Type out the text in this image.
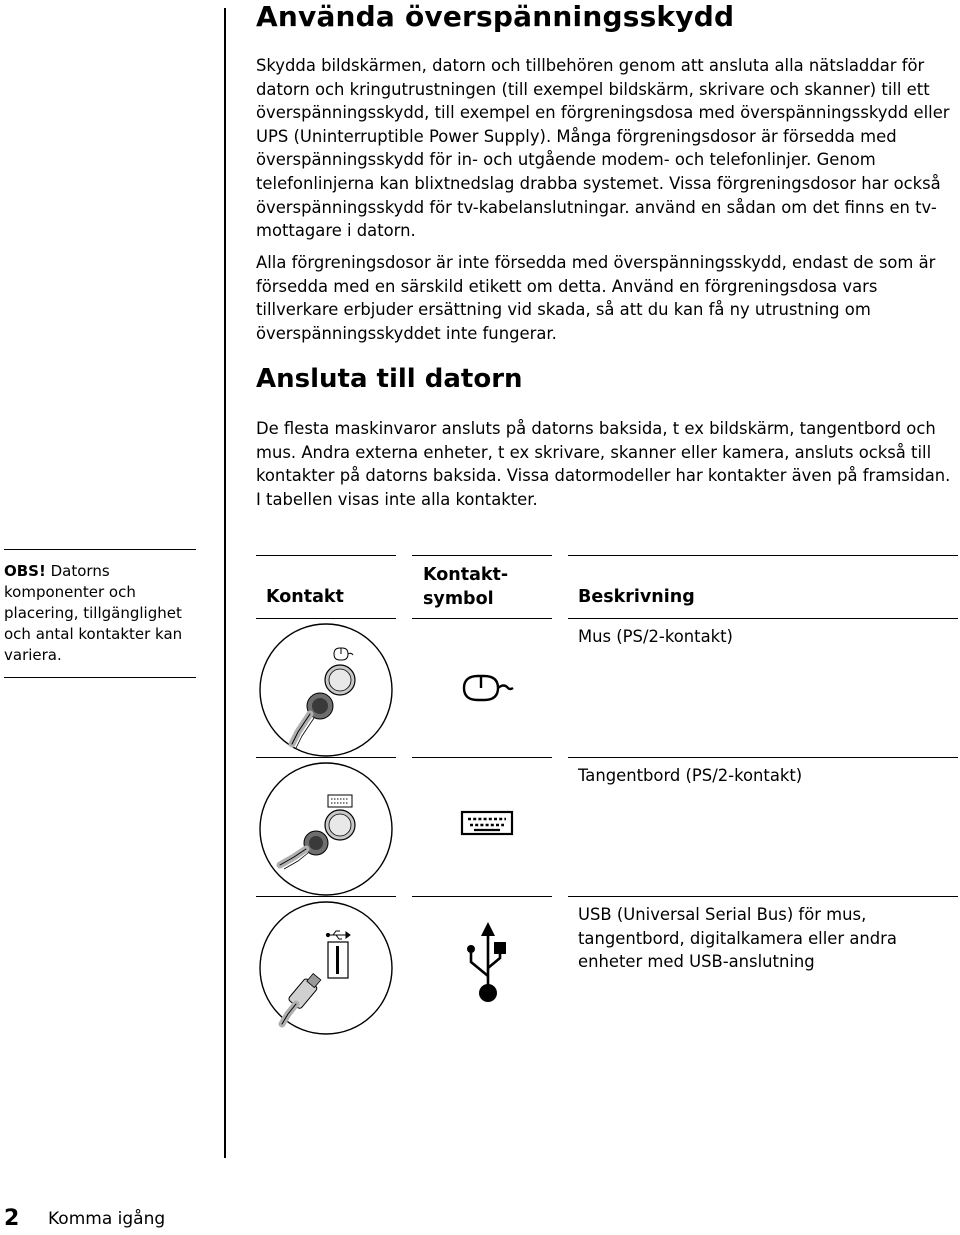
Använda överspänningsskydd

Skydda bildskärmen, datorn och tillbehören genom att ansluta alla nätsladdar för datorn och kringutrustningen (till exempel bildskärm, skrivare och skanner) till ett överspänningsskydd, till exempel en förgreningsdosa med överspänningsskydd eller UPS (Uninterruptible Power Supply). Många förgreningsdosor är försedda med överspänningsskydd för in- och utgående modem- och telefonlinjer. Genom telefonlinjerna kan blixtnedslag drabba systemet. Vissa förgreningsdosor har också överspänningsskydd för tv-kabelanslutningar. använd en sådan om det finns en tv-mottagare i datorn.

Alla förgreningsdosor är inte försedda med överspänningsskydd, endast de som är försedda med en särskild etikett om detta. Använd en förgreningsdosa vars tillverkare erbjuder ersättning vid skada, så att du kan få ny utrustning om överspänningsskyddet inte fungerar.

Ansluta till datorn

De flesta maskinvaror ansluts på datorns baksida, t ex bildskärm, tangentbord och mus. Andra externa enheter, t ex skrivare, skanner eller kamera, ansluts också till kontakter på datorns baksida. Vissa datormodeller har kontakter även på framsidan. I tabellen visas inte alla kontakter.

OBS! Datorns komponenter och placering, tillgänglighet och antal kontakter kan variera.

Kontakt

Kontakt-symbol	Beskrivning

Mus (PS/2-kontakt)

Tangentbord (PS/2-kontakt)

USB (Universal Serial Bus) för mus, tangentbord, digitalkamera eller andra enheter med USB-anslutning

2 Komma igång
